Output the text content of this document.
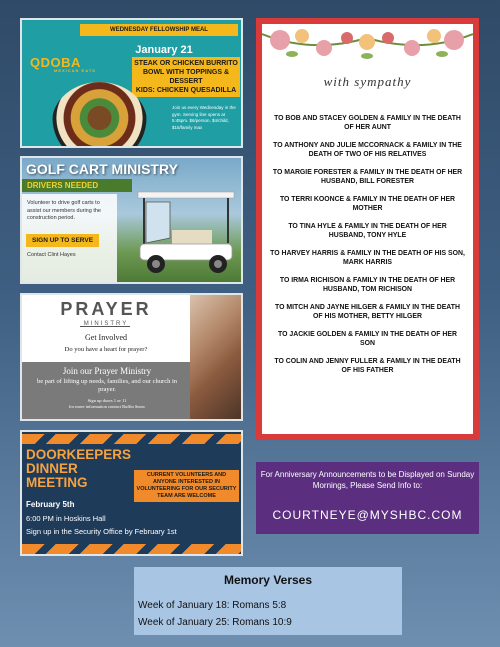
WEDNESDAY FELLOWSHIP MEAL
January 21
QDOBA
MEXICAN EATS
STEAK OR CHICKEN BURRITO BOWL WITH TOPPINGS & DESSERT
KIDS: CHICKEN QUESADILLA
Join us every Wednesday in the gym. Serving line opens at 5:45pm. $6/person, $4/child, $15/family max
GOLF CART MINISTRY
DRIVERS NEEDED
Volunteer to drive golf carts to assist our members during the construction period.
SIGN UP TO SERVE
Contact Clint Hayes
PRAYER
MINISTRY
Get Involved
Do you have a heart for prayer?
Join our Prayer Ministry
be part of lifting up needs, families, and our church in prayer.
Sign up doors 1 or 11
for more information contact Ruffin Snow
DOORKEEPERS
DINNER
MEETING	CURRENT VOLUNTEERS AND ANYONE INTERESTED IN VOLUNTEERING FOR OUR SECURITY TEAM ARE WELCOME
February 5th
6:00 PM in Hoskins Hall
Sign up in the Security Office by February 1st
with sympathy
TO BOB AND STACEY GOLDEN & FAMILY IN THE DEATH OF HER AUNT
TO ANTHONY AND JULIE MCCORNACK & FAMILY IN THE DEATH OF TWO OF HIS RELATIVES
TO MARGIE FORESTER & FAMILY IN THE DEATH OF HER HUSBAND, BILL FORESTER
TO TERRI KOONCE & FAMILY IN THE DEATH OF HER MOTHER
TO TINA HYLE & FAMILY IN THE DEATH OF HER HUSBAND, TONY HYLE
TO HARVEY HARRIS & FAMILY IN THE DEATH OF HIS SON, MARK HARRIS
TO IRMA RICHISON & FAMILY IN THE DEATH OF HER HUSBAND, TOM RICHISON
TO MITCH AND JAYNE HILGER & FAMILY IN THE DEATH OF HIS MOTHER, BETTY HILGER
TO JACKIE GOLDEN & FAMILY IN THE DEATH OF HER SON
TO COLIN AND JENNY FULLER & FAMILY IN THE DEATH OF HIS FATHER
For Anniversary Announcements to be Displayed on Sunday Mornings, Please Send Info to:
COURTNEYE@MYSHBC.COM
Memory Verses
Week of January 18: Romans 5:8
Week of January 25: Romans 10:9
